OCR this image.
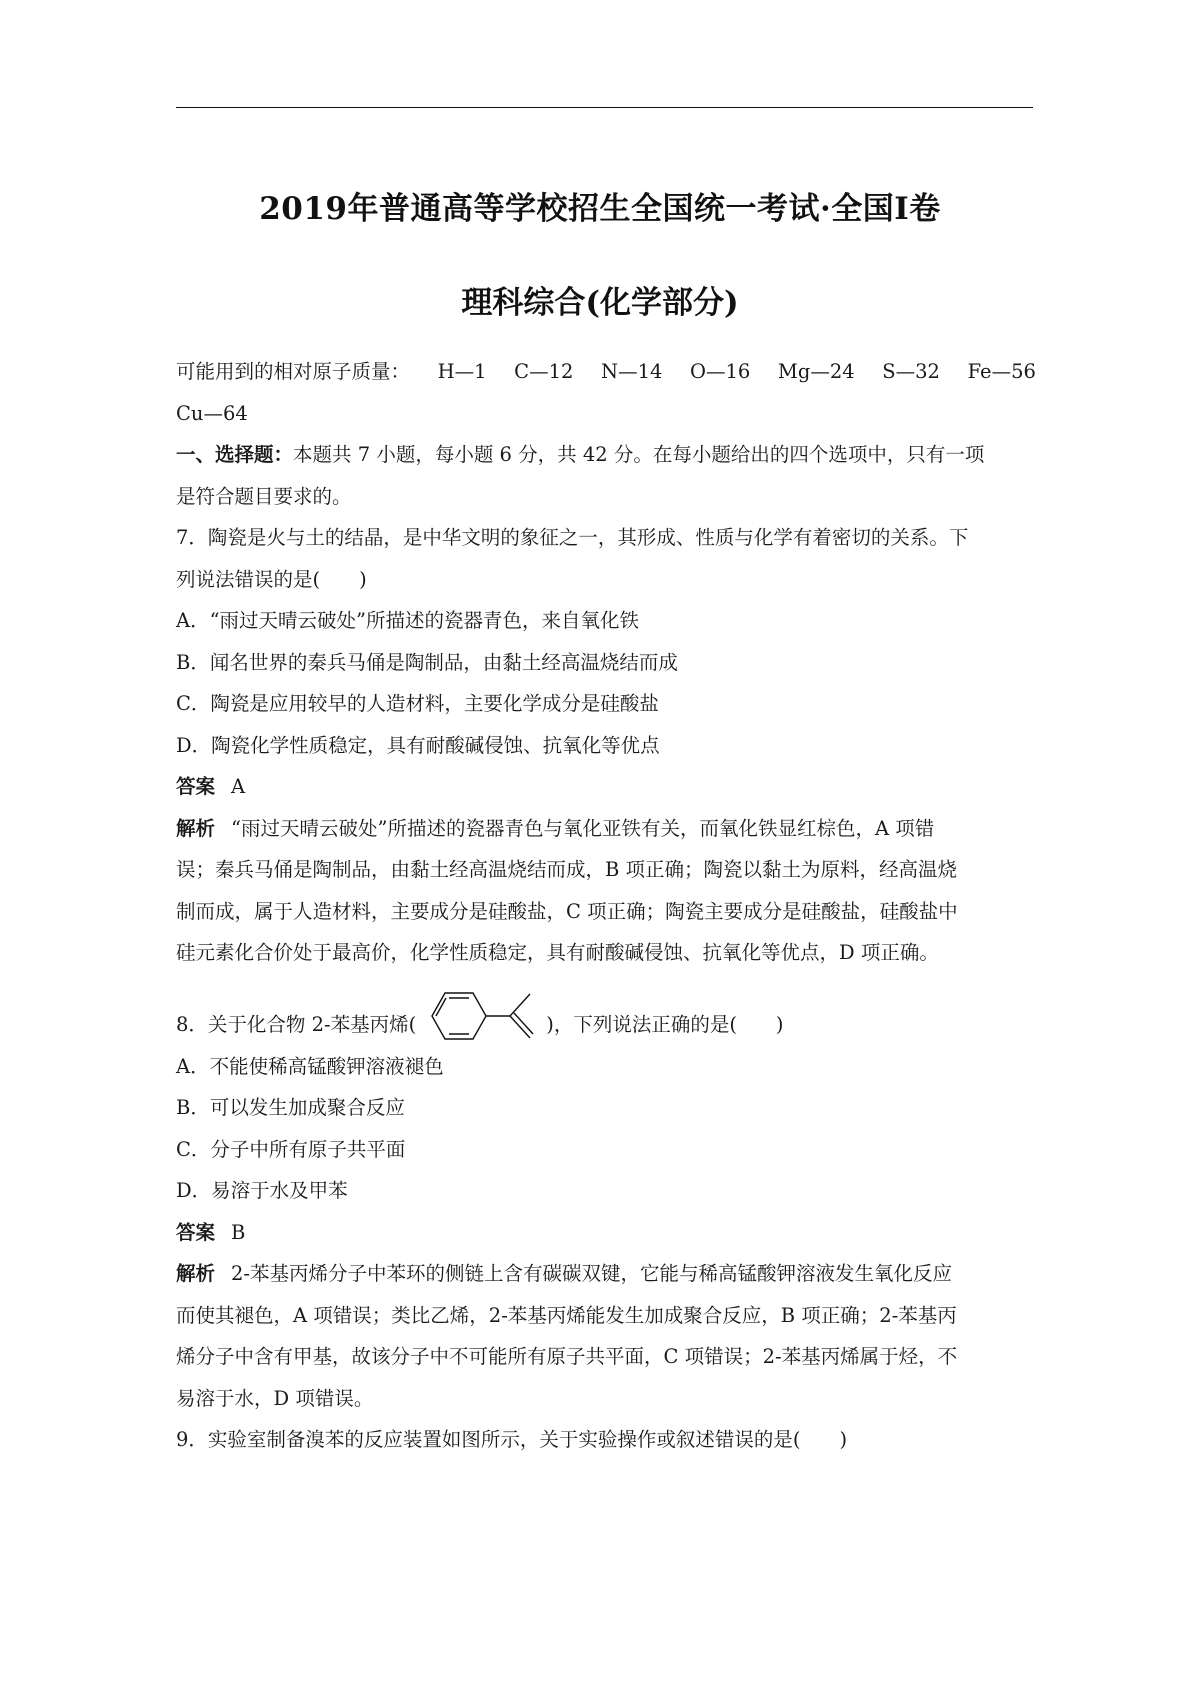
2019年普通高等学校招生全国统一考试·全国Ⅰ卷
理科综合(化学部分)
可能用到的相对原子质量： H—1 C—12 N—14 O—16 Mg—24 S—32 Fe—56
Cu—64
一、选择题：本题共 7 小题，每小题 6 分，共 42 分。在每小题给出的四个选项中，只有一项
是符合题目要求的。
7．陶瓷是火与土的结晶，是中华文明的象征之一，其形成、性质与化学有着密切的关系。下
列说法错误的是(　　)
A．“雨过天晴云破处”所描述的瓷器青色，来自氧化铁
B．闻名世界的秦兵马俑是陶制品，由黏土经高温烧结而成
C．陶瓷是应用较早的人造材料，主要化学成分是硅酸盐
D．陶瓷化学性质稳定，具有耐酸碱侵蚀、抗氧化等优点
答案 A
解析 “雨过天晴云破处”所描述的瓷器青色与氧化亚铁有关，而氧化铁显红棕色，A 项错
误；秦兵马俑是陶制品，由黏土经高温烧结而成，B 项正确；陶瓷以黏土为原料，经高温烧
制而成，属于人造材料，主要成分是硅酸盐，C 项正确；陶瓷主要成分是硅酸盐，硅酸盐中
硅元素化合价处于最高价，化学性质稳定，具有耐酸碱侵蚀、抗氧化等优点，D 项正确。
8．关于化合物 2-苯基丙烯(	)，下列说法正确的是(　　)
A．不能使稀高锰酸钾溶液褪色
B．可以发生加成聚合反应
C．分子中所有原子共平面
D．易溶于水及甲苯
答案 B
解析 2-苯基丙烯分子中苯环的侧链上含有碳碳双键，它能与稀高锰酸钾溶液发生氧化反应
而使其褪色，A 项错误；类比乙烯，2-苯基丙烯能发生加成聚合反应，B 项正确；2-苯基丙
烯分子中含有甲基，故该分子中不可能所有原子共平面，C 项错误；2-苯基丙烯属于烃，不
易溶于水，D 项错误。
9．实验室制备溴苯的反应装置如图所示，关于实验操作或叙述错误的是(　　)
